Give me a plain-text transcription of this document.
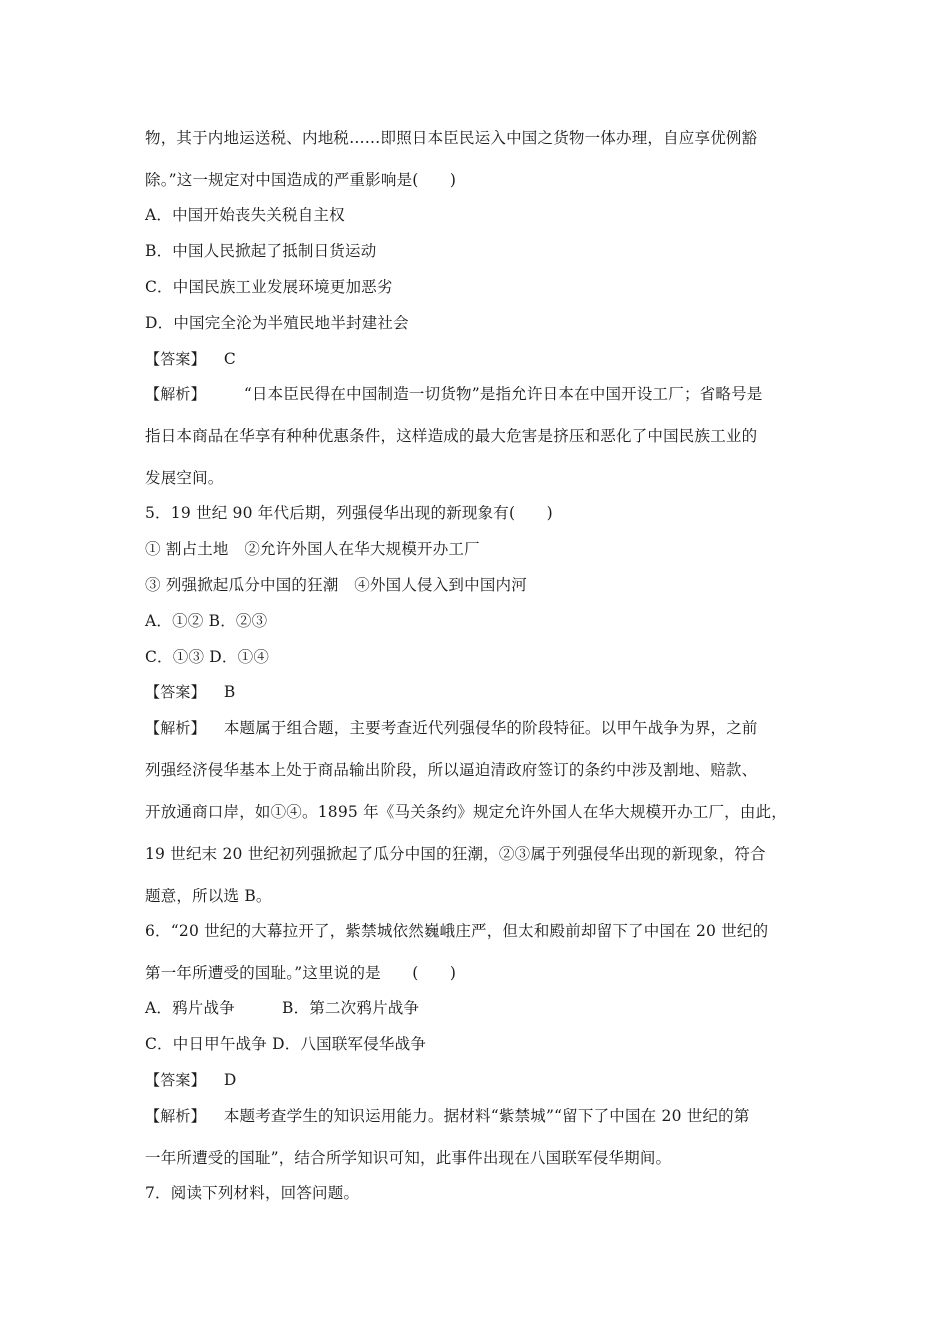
物，其于内地运送税、内地税……即照日本臣民运入中国之货物一体办理，自应享优例豁
除。”这一规定对中国造成的严重影响是(　　)
A．中国开始丧失关税自主权
B．中国人民掀起了抵制日货运动
C．中国民族工业发展环境更加恶劣
D．中国完全沦为半殖民地半封建社会
【答案】 C
【解析】 “日本臣民得在中国制造一切货物”是指允许日本在中国开设工厂；省略号是
指日本商品在华享有种种优惠条件，这样造成的最大危害是挤压和恶化了中国民族工业的
发展空间。
5．19 世纪 90 年代后期，列强侵华出现的新现象有(　　)
① 割占土地　②允许外国人在华大规模开办工厂
③ 列强掀起瓜分中国的狂潮　④外国人侵入到中国内河
A．①② B．②③
C．①③ D．①④
【答案】 B
【解析】 本题属于组合题，主要考查近代列强侵华的阶段特征。以甲午战争为界，之前
列强经济侵华基本上处于商品输出阶段，所以逼迫清政府签订的条约中涉及割地、赔款、
开放通商口岸，如①④。1895 年《马关条约》规定允许外国人在华大规模开办工厂，由此，
19 世纪末 20 世纪初列强掀起了瓜分中国的狂潮，②③属于列强侵华出现的新现象，符合
题意，所以选 B。
6．“20 世纪的大幕拉开了，紫禁城依然巍峨庄严，但太和殿前却留下了中国在 20 世纪的
第一年所遭受的国耻。”这里说的是　　(　　)
A．鸦片战争　　　B．第二次鸦片战争
C．中日甲午战争 D．八国联军侵华战争
【答案】 D
【解析】 本题考查学生的知识运用能力。据材料“紫禁城”“留下了中国在 20 世纪的第
一年所遭受的国耻”，结合所学知识可知，此事件出现在八国联军侵华期间。
7．阅读下列材料，回答问题。
